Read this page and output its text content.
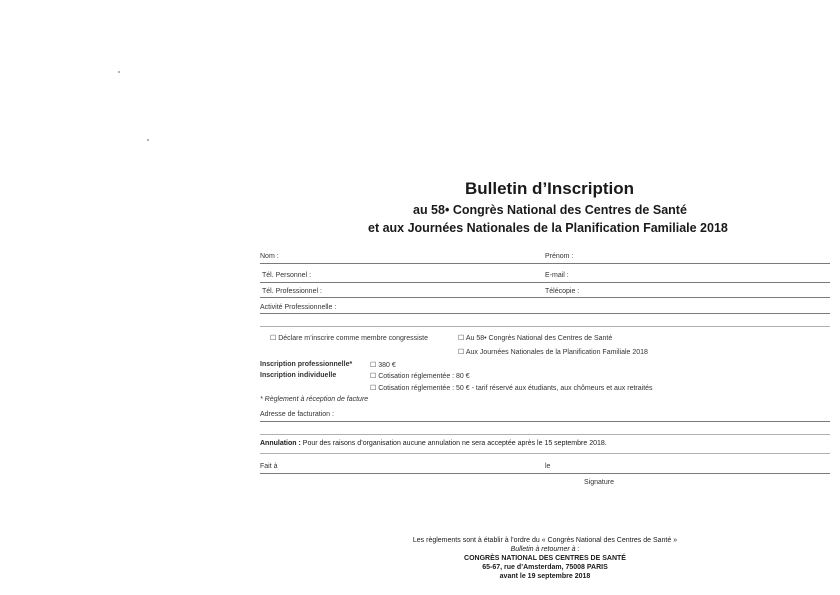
Bulletin d’Inscription
au 58• Congrès National des Centres de Santé
et aux Journées Nationales de la Planification Familiale 2018
Nom :	Prénom :
Tél. Personnel :	E-mail :
Tél. Professionnel :	Télécopie :
Activité Professionnelle :
☐ Déclare m’inscrire comme membre congressiste	☐ Au 58• Congrès National des Centres de Santé
☐ Aux Journées Nationales de la Planification Familiale 2018
Inscription professionnelle*	☐ 380 €
Inscription individuelle	☐ Cotisation réglementée : 80 €
☐ Cotisation réglementée : 50 € - tarif réservé aux étudiants, aux chômeurs et aux retraités
* Règlement à réception de facture
Adresse de facturation :
Annulation : Pour des raisons d’organisation aucune annulation ne sera acceptée après le 15 septembre 2018.
Fait à	le
Signature
Les règlements sont à établir à l’ordre du « Congrès National des Centres de Santé »
Bulletin à retourner à :
CONGRÈS NATIONAL DES CENTRES DE SANTÉ
65-67, rue d’Amsterdam, 75008 PARIS
avant le 19 septembre 2018
